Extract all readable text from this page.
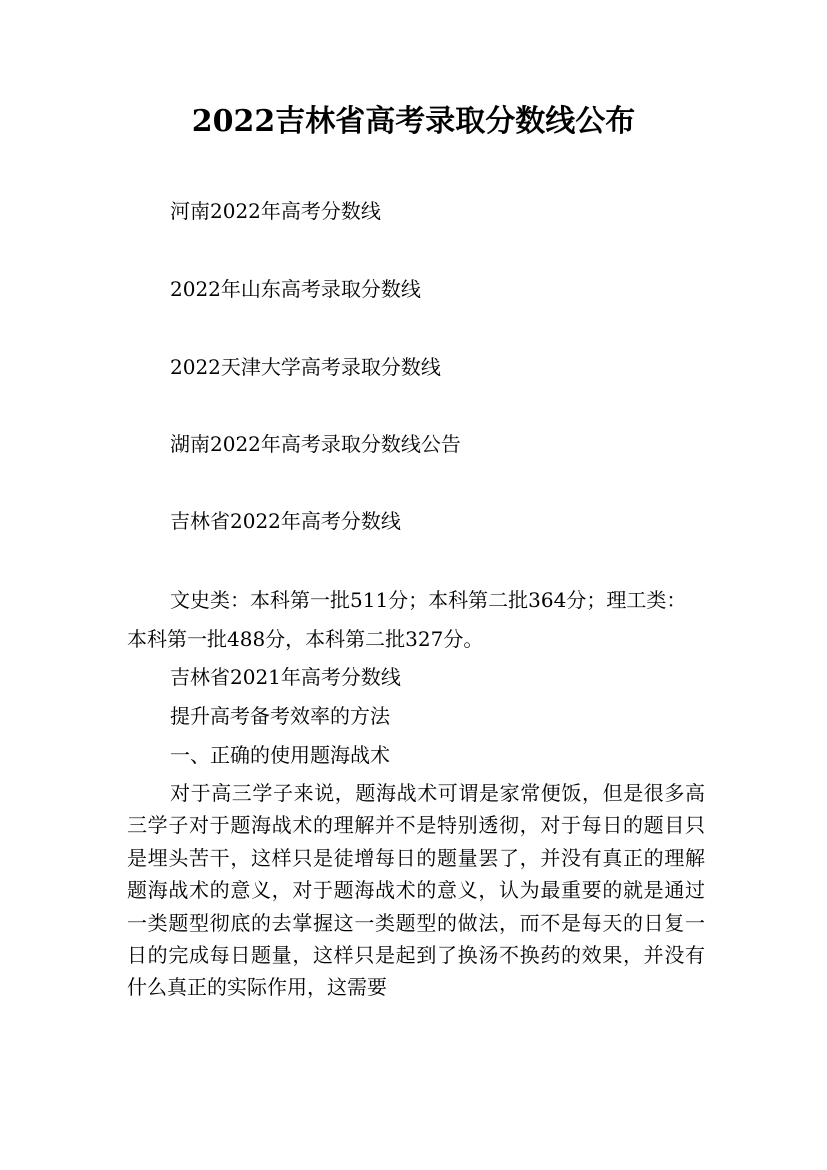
2022吉林省高考录取分数线公布
河南2022年高考分数线
2022年山东高考录取分数线
2022天津大学高考录取分数线
湖南2022年高考录取分数线公告
吉林省2022年高考分数线
文史类：本科第一批511分；本科第二批364分；理工类：
本科第一批488分，本科第二批327分。
吉林省2021年高考分数线
提升高考备考效率的方法
一、正确的使用题海战术
对于高三学子来说，题海战术可谓是家常便饭，但是很多高三学子对于题海战术的理解并不是特别透彻，对于每日的题目只是埋头苦干，这样只是徒增每日的题量罢了，并没有真正的理解题海战术的意义，对于题海战术的意义，认为最重要的就是通过一类题型彻底的去掌握这一类题型的做法，而不是每天的日复一日的完成每日题量，这样只是起到了换汤不换药的效果，并没有什么真正的实际作用，这需要
